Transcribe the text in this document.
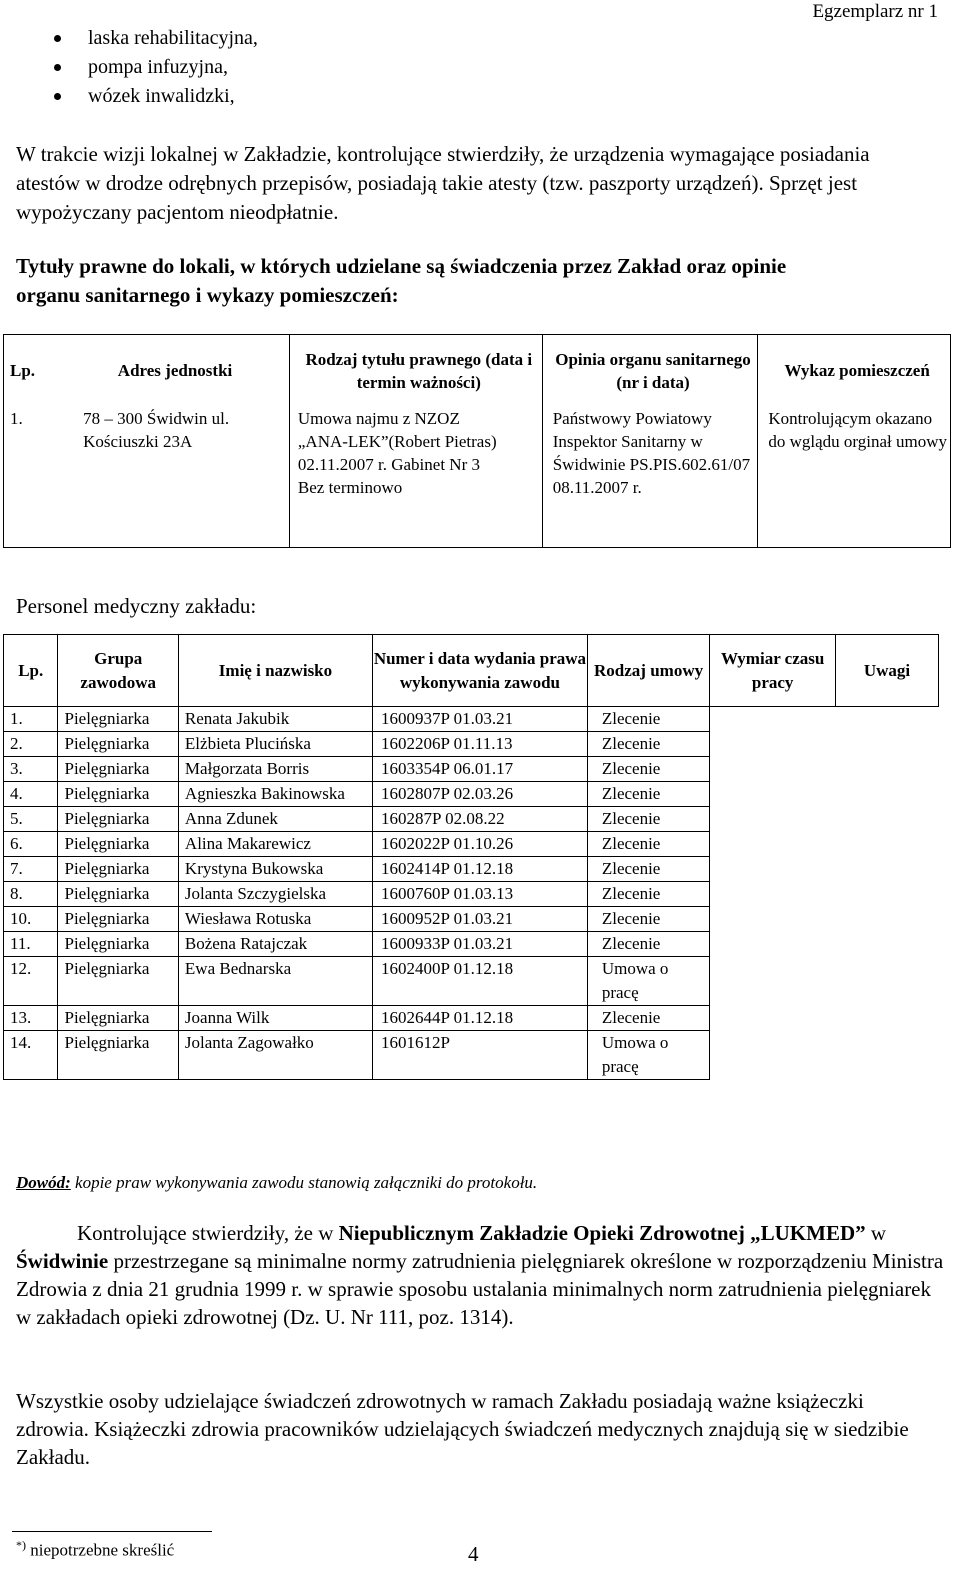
Egzemplarz nr 1
laska rehabilitacyjna,
pompa infuzyjna,
wózek inwalidzki,
W trakcie wizji lokalnej w Zakładzie, kontrolujące stwierdziły, że urządzenia wymagające posiadania atestów w drodze odrębnych przepisów, posiadają takie atesty (tzw. paszporty urządzeń). Sprzęt jest wypożyczany pacjentom nieodpłatnie.
Tytuły prawne do lokali, w których udzielane są świadczenia przez Zakład oraz opinie organu sanitarnego i wykazy pomieszczeń:
Lp.	Adres jednostki	Rodzaj tytułu prawnego (data i termin ważności)	Opinia organu sanitarnego (nr i data)	Wykaz pomieszczeń
1.	78 – 300 Świdwin ul. Kościuszki 23A	Umowa najmu z NZOZ „ANA-LEK”(Robert Pietras) 02.11.2007 r. Gabinet Nr 3 Bez terminowo	Państwowy Powiatowy Inspektor Sanitarny w Świdwinie PS.PIS.602.61/07 08.11.2007 r.	Kontrolującym okazano do wglądu orginał umowy
Personel medyczny zakładu:
Lp.	Grupa zawodowa	Imię i nazwisko	Numer i data wydania prawa wykonywania zawodu	Rodzaj umowy	Wymiar czasu pracy	Uwagi
1.	Pielęgniarka	Renata Jakubik	1600937P 01.03.21	Zlecenie		
2.	Pielęgniarka	Elżbieta Plucińska	1602206P 01.11.13	Zlecenie		
3.	Pielęgniarka	Małgorzata Borris	1603354P 06.01.17	Zlecenie		
4.	Pielęgniarka	Agnieszka Bakinowska	1602807P 02.03.26	Zlecenie		
5.	Pielęgniarka	Anna Zdunek	160287P 02.08.22	Zlecenie		
6.	Pielęgniarka	Alina Makarewicz	1602022P 01.10.26	Zlecenie		
7.	Pielęgniarka	Krystyna Bukowska	1602414P 01.12.18	Zlecenie		
8.	Pielęgniarka	Jolanta Szczygielska	1600760P 01.03.13	Zlecenie		
10.	Pielęgniarka	Wiesława Rotuska	1600952P 01.03.21	Zlecenie		
11.	Pielęgniarka	Bożena Ratajczak	1600933P 01.03.21	Zlecenie		
12.	Pielęgniarka	Ewa Bednarska	1602400P 01.12.18	Umowa o pracę		
13.	Pielęgniarka	Joanna Wilk	1602644P 01.12.18	Zlecenie		
14.	Pielęgniarka	Jolanta Zagowałko	1601612P	Umowa o pracę		
Dowód: kopie praw wykonywania zawodu stanowią załączniki do protokołu.
Kontrolujące stwierdziły, że w Niepublicznym Zakładzie Opieki Zdrowotnej „LUKMED” w Świdwinie przestrzegane są minimalne normy zatrudnienia pielęgniarek określone w rozporządzeniu Ministra Zdrowia z dnia 21 grudnia 1999 r. w sprawie sposobu ustalania minimalnych norm zatrudnienia pielęgniarek w zakładach opieki zdrowotnej (Dz. U. Nr 111, poz. 1314).
Wszystkie osoby udzielające świadczeń zdrowotnych w ramach Zakładu posiadają ważne książeczki zdrowia. Książeczki zdrowia pracowników udzielających świadczeń medycznych znajdują się w siedzibie Zakładu.
*) niepotrzebne skreślić	4
